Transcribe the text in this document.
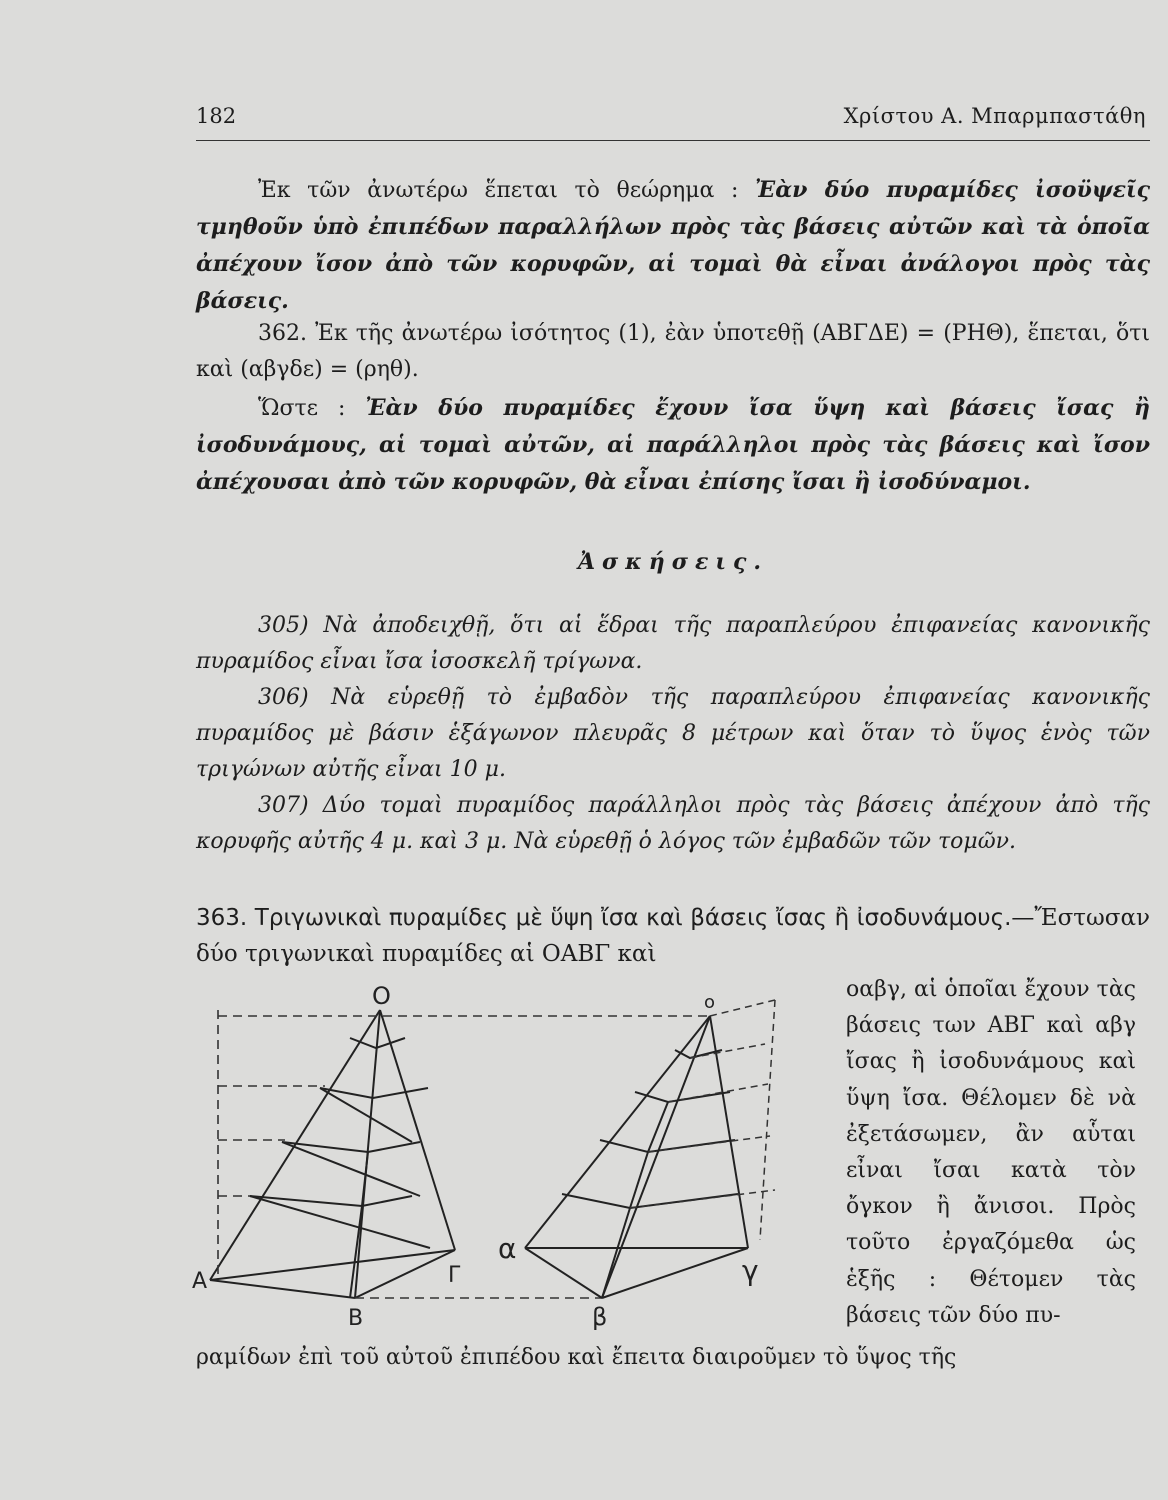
182	Χρίστου Α. Μπαρμπαστάθη

Ἐκ τῶν ἀνωτέρω ἕπεται τὸ θεώρημα : Ἐὰν δύο πυραμίδες ἰσοϋψεῖς τμηθοῦν ὑπὸ ἐπιπέδων παραλλήλων πρὸς τὰς βάσεις αὐτῶν καὶ τὰ ὁποῖα ἀπέχουν ἴσον ἀπὸ τῶν κορυφῶν, αἱ τομαὶ θὰ εἶναι ἀνάλογοι πρὸς τὰς βάσεις.

362. Ἐκ τῆς ἀνωτέρω ἰσότητος (1), ἐὰν ὑποτεθῇ (ΑΒΓΔΕ) = (ΡΗΘ), ἕπεται, ὅτι καὶ (αβγδε) = (ρηθ).

Ὥστε : Ἐὰν δύο πυραμίδες ἔχουν ἴσα ὕψη καὶ βάσεις ἴσας ἢ ἰσοδυνάμους, αἱ τομαὶ αὐτῶν, αἱ παράλληλοι πρὸς τὰς βάσεις καὶ ἴσον ἀπέχουσαι ἀπὸ τῶν κορυφῶν, θὰ εἶναι ἐπίσης ἴσαι ἢ ἰσοδύναμοι.

Ἀσκήσεις.

305) Νὰ ἀποδειχθῇ, ὅτι αἱ ἕδραι τῆς παραπλεύρου ἐπιφανείας κανονικῆς πυραμίδος εἶναι ἴσα ἰσοσκελῆ τρίγωνα.

306) Νὰ εὑρεθῇ τὸ ἐμβαδὸν τῆς παραπλεύρου ἐπιφανείας κανονικῆς πυραμίδος μὲ βάσιν ἑξάγωνον πλευρᾶς 8 μέτρων καὶ ὅταν τὸ ὕψος ἑνὸς τῶν τριγώνων αὐτῆς εἶναι 10 μ.

307) Δύο τομαὶ πυραμίδος παράλληλοι πρὸς τὰς βάσεις ἀπέχουν ἀπὸ τῆς κορυφῆς αὐτῆς 4 μ. καὶ 3 μ. Νὰ εὑρεθῇ ὁ λόγος τῶν ἐμβαδῶν τῶν τομῶν.

363. Τριγωνικαὶ πυραμίδες μὲ ὕψη ἴσα καὶ βάσεις ἴσας ἢ ἰσοδυνάμους.—Ἔστωσαν δύο τριγωνικαὶ πυραμίδες αἱ ΟΑΒΓ καὶ

οαβγ, αἱ ὁποῖαι ἔχουν τὰς βάσεις των ΑΒΓ καὶ αβγ ἴσας ἢ ἰσοδυνάμους καὶ ὕψη ἴσα. Θέλομεν δὲ νὰ ἐξετάσωμεν, ἂν αὗται εἶναι ἴσαι κατὰ τὸν ὄγκον ἢ ἄνισοι. Πρὸς τοῦτο ἐργαζόμεθα ὡς ἑξῆς : Θέτομεν τὰς βάσεις τῶν δύο πυ-

ραμίδων ἐπὶ τοῦ αὐτοῦ ἐπιπέδου καὶ ἔπειτα διαιροῦμεν τὸ ὕψος τῆς

O
A
B
Γ
ο
α
β
γ
